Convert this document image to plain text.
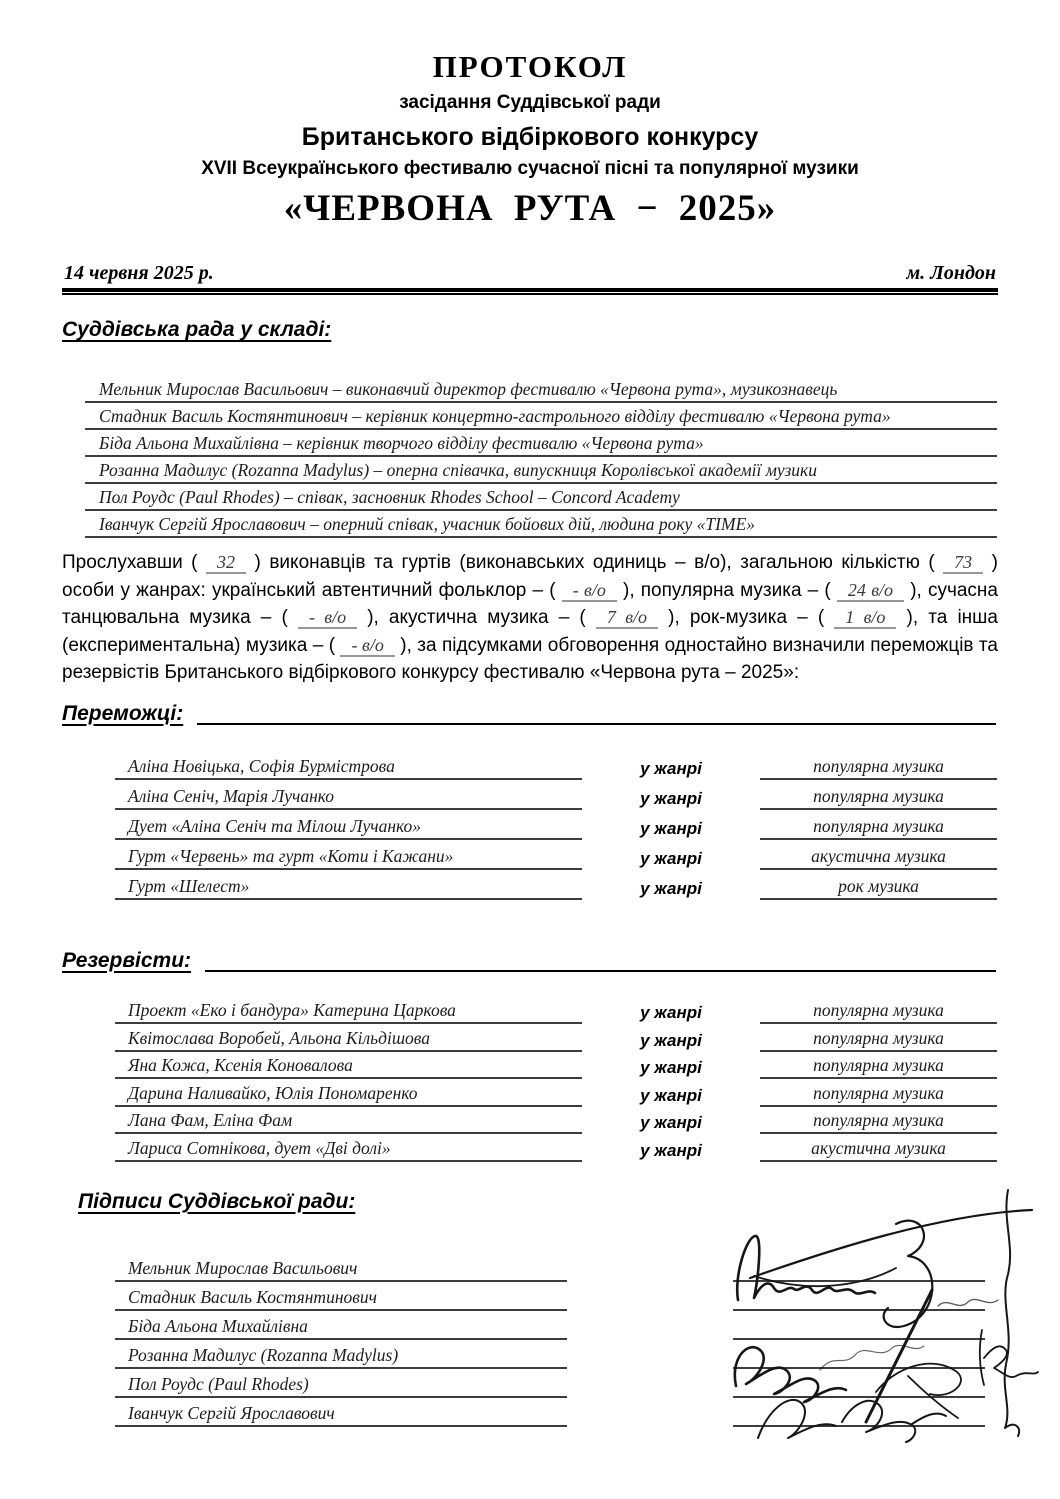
ПРОТОКОЛ
засідання Суддівської ради
Британського відбіркового конкурсу
XVII Всеукраїнського фестивалю сучасної пісні та популярної музики
«ЧЕРВОНА РУТА − 2025»
14 червня 2025 р.	м. Лондон
Суддівська рада у складі:
Мельник Мирослав Васильович – виконавчий директор фестивалю «Червона рута», музикознавець
Стадник Василь Костянтинович – керівник концертно-гастрольного відділу фестивалю «Червона рута»
Біда Альона Михайлівна – керівник творчого відділу фестивалю «Червона рута»
Розанна Мадилус (Rozanna Madylus) – оперна співачка, випускниця Королівської академії музики
Пол Роудс (Paul Rhodes) – співак, засновник Rhodes School – Concord Academy
Іванчук Сергій Ярославович – оперний співак, учасник бойових дій, людина року «TIME»

Прослухавши ( 32 ) виконавців та гуртів (виконавських одиниць – в/о), загальною кількістю ( 73 ) особи у жанрах: український автентичний фольклор – ( - в/о ), популярна музика – ( 24 в/о ), сучасна танцювальна музика – ( - в/о ), акустична музика – ( 7 в/о ), рок-музика – ( 1 в/о ), та інша (експериментальна) музика – ( - в/о ), за підсумками обговорення одностайно визначили переможців та резервістів Британського відбіркового конкурсу фестивалю «Червона рута – 2025»:

Переможці:
Аліна Новіцька, Софія Бурмістрова	у жанрі	популярна музика
Аліна Сеніч, Марія Лучанко	у жанрі	популярна музика
Дует «Аліна Сеніч та Мілош Лучанко»	у жанрі	популярна музика
Гурт «Червень» та гурт «Коти і Кажани»	у жанрі	акустична музика
Гурт «Шелест»	у жанрі	рок музика
Резервісти:
Проект «Еко і бандура» Катерина Царкова	у жанрі	популярна музика
Квітослава Воробей, Альона Кільдішова	у жанрі	популярна музика
Яна Кожа, Ксенія Коновалова	у жанрі	популярна музика
Дарина Наливайко, Юлія Пономаренко	у жанрі	популярна музика
Лана Фам, Еліна Фам	у жанрі	популярна музика
Лариса Сотнікова, дует «Дві долі»	у жанрі	акустична музика
Підписи Суддівської ради:
Мельник Мирослав Васильович
Стадник Василь Костянтинович
Біда Альона Михайлівна
Розанна Мадилус (Rozanna Madylus)
Пол Роудс (Paul Rhodes)
Іванчук Сергій Ярославович
